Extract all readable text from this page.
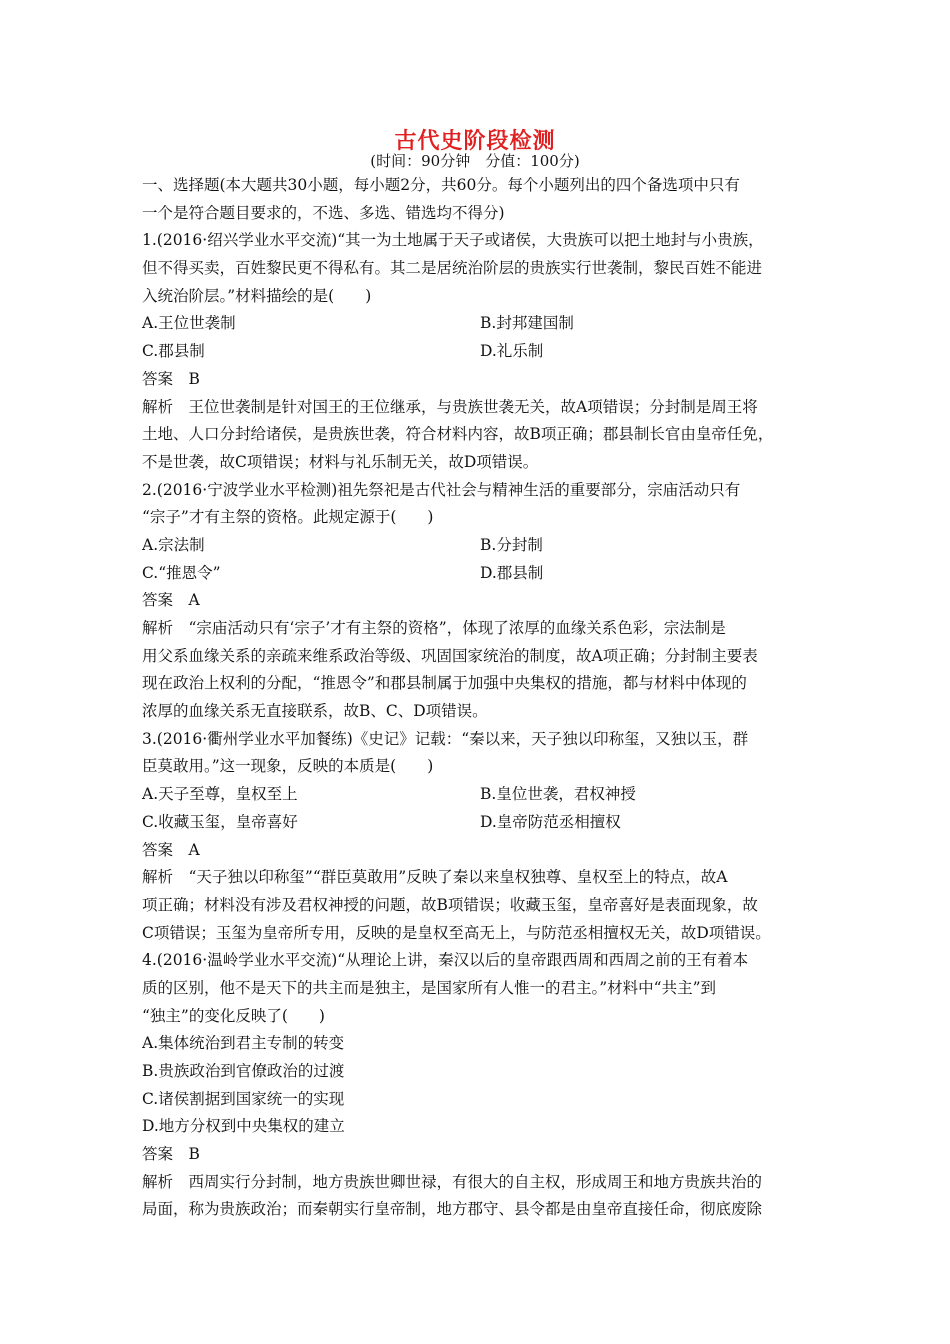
古代史阶段检测
(时间：90分钟　分值：100分)
一、选择题(本大题共30小题，每小题2分，共60分。每个小题列出的四个备选项中只有
一个是符合题目要求的，不选、多选、错选均不得分)
1.(2016·绍兴学业水平交流)“其一为土地属于天子或诸侯，大贵族可以把土地封与小贵族，
但不得买卖，百姓黎民更不得私有。其二是居统治阶层的贵族实行世袭制，黎民百姓不能进
入统治阶层。”材料描绘的是(　　)
A.王位世袭制	B.封邦建国制
C.郡县制	D.礼乐制
答案　B
解析　王位世袭制是针对国王的王位继承，与贵族世袭无关，故A项错误；分封制是周王将
土地、人口分封给诸侯，是贵族世袭，符合材料内容，故B项正确；郡县制长官由皇帝任免，
不是世袭，故C项错误；材料与礼乐制无关，故D项错误。
2.(2016·宁波学业水平检测)祖先祭祀是古代社会与精神生活的重要部分，宗庙活动只有
“宗子”才有主祭的资格。此规定源于(　　)
A.宗法制	B.分封制
C.“推恩令”	D.郡县制
答案　A
解析　“宗庙活动只有‘宗子’才有主祭的资格”，体现了浓厚的血缘关系色彩，宗法制是
用父系血缘关系的亲疏来维系政治等级、巩固国家统治的制度，故A项正确；分封制主要表
现在政治上权利的分配，“推恩令”和郡县制属于加强中央集权的措施，都与材料中体现的
浓厚的血缘关系无直接联系，故B、C、D项错误。
3.(2016·衢州学业水平加餐练)《史记》记载：“秦以来，天子独以印称玺，又独以玉，群
臣莫敢用。”这一现象，反映的本质是(　　)
A.天子至尊，皇权至上	B.皇位世袭，君权神授
C.收藏玉玺，皇帝喜好	D.皇帝防范丞相擅权
答案　A
解析　“天子独以印称玺”“群臣莫敢用”反映了秦以来皇权独尊、皇权至上的特点，故A
项正确；材料没有涉及君权神授的问题，故B项错误；收藏玉玺，皇帝喜好是表面现象，故
C项错误；玉玺为皇帝所专用，反映的是皇权至高无上，与防范丞相擅权无关，故D项错误。
4.(2016·温岭学业水平交流)“从理论上讲，秦汉以后的皇帝跟西周和西周之前的王有着本
质的区别，他不是天下的共主而是独主，是国家所有人惟一的君主。”材料中“共主”到
“独主”的变化反映了(　　)
A.集体统治到君主专制的转变
B.贵族政治到官僚政治的过渡
C.诸侯割据到国家统一的实现
D.地方分权到中央集权的建立
答案　B
解析　西周实行分封制，地方贵族世卿世禄，有很大的自主权，形成周王和地方贵族共治的
局面，称为贵族政治；而秦朝实行皇帝制，地方郡守、县令都是由皇帝直接任命，彻底废除
